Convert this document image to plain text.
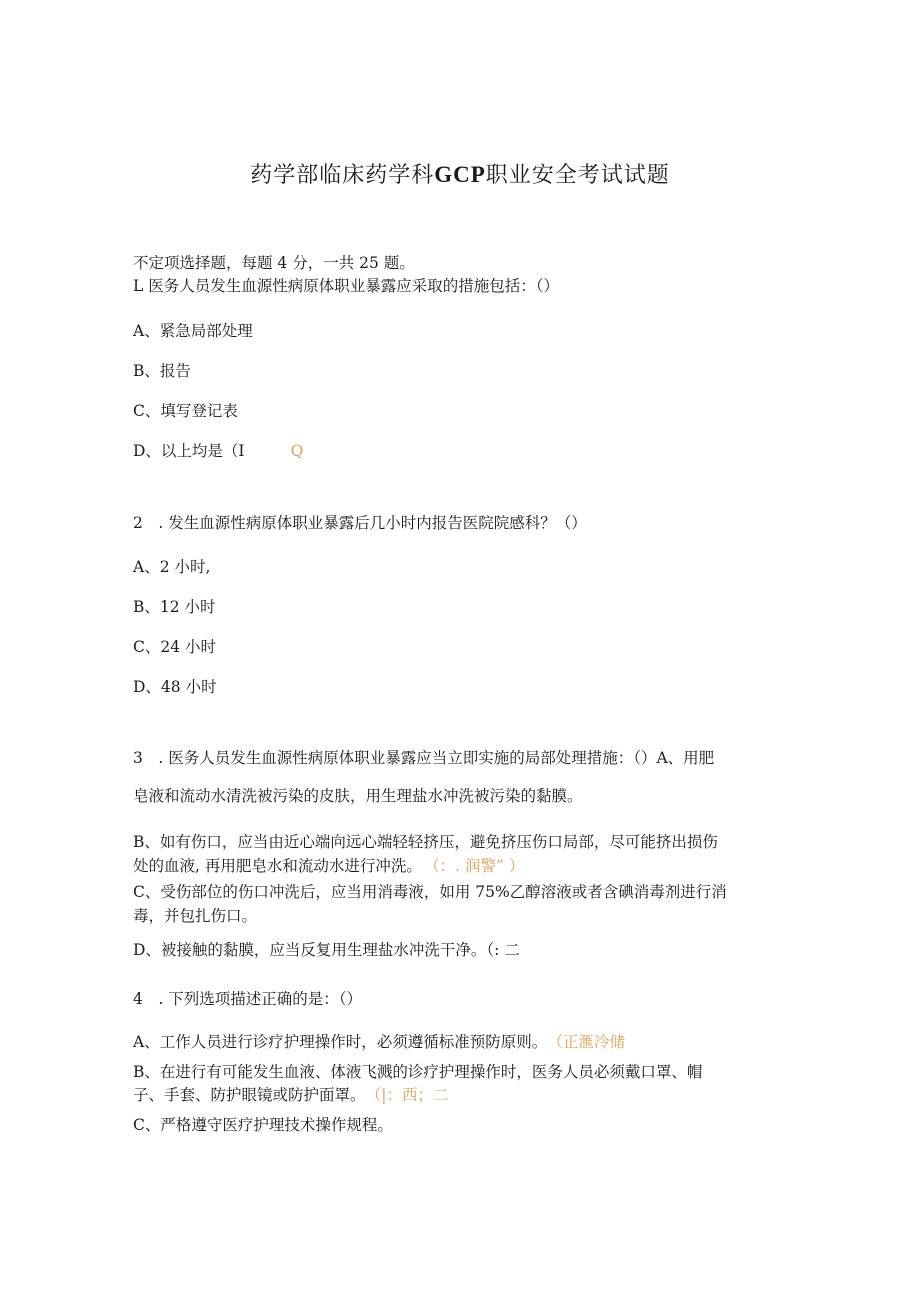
药学部临床药学科GCP职业安全考试试题
不定项选择题，每题 4 分，一共 25 题。
L 医务人员发生血源性病原体职业暴露应采取的措施包括：（）
A、紧急局部处理
B、报告
C、填写登记表
D、以上均是（I	Q
2　. 发生血源性病原体职业暴露后几小时内报告医院院感科？（）
A、2 小时,
B、12 小时
C、24 小时
D、48 小时
3　. 医务人员发生血源性病原体职业暴露应当立即实施的局部处理措施：（）A、用肥
皂液和流动水清洗被污染的皮肤，用生理盐水冲洗被污染的黏膜。
B、如有伤口，应当由近心端向远心端轻轻挤压，避免挤压伤口局部，尽可能挤出损伤
处的血液, 再用肥皂水和流动水进行冲洗。 （：. 润警” ）
C、受伤部位的伤口冲洗后，应当用消毒液，如用 75%乙醇溶液或者含碘消毒剂进行消
毒，并包扎伤口。
D、被接触的黏膜，应当反复用生理盐水冲洗干净。（: 二
4　. 下列选项描述正确的是：（）
A、工作人员进行诊疗护理操作时，必须遵循标准预防原则。 （正滙冷储
B、在进行有可能发生血液、体液飞溅的诊疗护理操作时，医务人员必须戴口罩、帽
子、手套、防护眼镜或防护面罩。 （|：西；二
C、严格遵守医疗护理技术操作规程。
